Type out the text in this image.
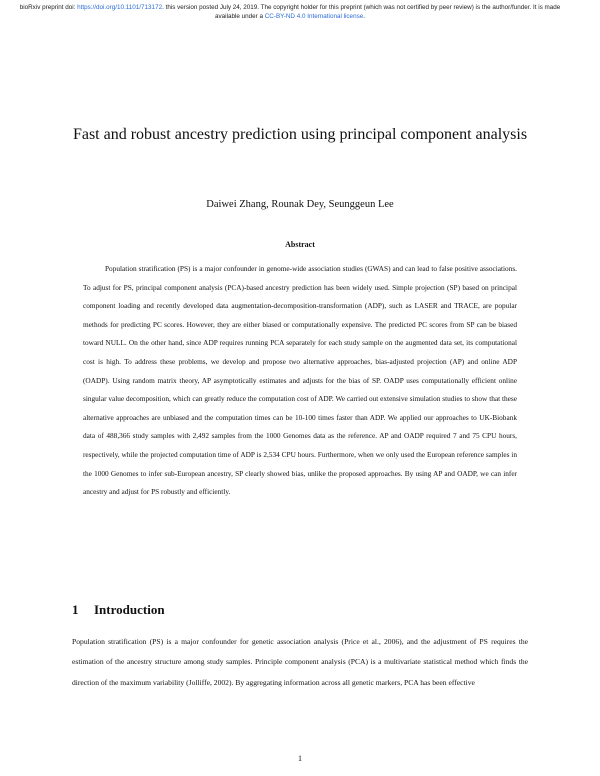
bioRxiv preprint doi: https://doi.org/10.1101/713172. this version posted July 24, 2019. The copyright holder for this preprint (which was not certified by peer review) is the author/funder. It is made available under a CC-BY-ND 4.0 International license.
Fast and robust ancestry prediction using principal component analysis
Daiwei Zhang, Rounak Dey, Seunggeun Lee
Abstract

Population stratification (PS) is a major confounder in genome-wide association studies (GWAS) and can lead to false positive associations. To adjust for PS, principal component analysis (PCA)-based ancestry prediction has been widely used. Simple projection (SP) based on principal component loading and recently developed data augmentation-decomposition-transformation (ADP), such as LASER and TRACE, are popular methods for predicting PC scores. However, they are either biased or computationally expensive. The predicted PC scores from SP can be biased toward NULL. On the other hand, since ADP requires running PCA separately for each study sample on the augmented data set, its computational cost is high. To address these problems, we develop and propose two alternative approaches, bias-adjusted projection (AP) and online ADP (OADP). Using random matrix theory, AP asymptotically estimates and adjusts for the bias of SP. OADP uses computationally efficient online singular value decomposition, which can greatly reduce the computation cost of ADP. We carried out extensive simulation studies to show that these alternative approaches are unbiased and the computation times can be 10-100 times faster than ADP. We applied our approaches to UK-Biobank data of 488,366 study samples with 2,492 samples from the 1000 Genomes data as the reference. AP and OADP required 7 and 75 CPU hours, respectively, while the projected computation time of ADP is 2,534 CPU hours. Furthermore, when we only used the European reference samples in the 1000 Genomes to infer sub-European ancestry, SP clearly showed bias, unlike the proposed approaches. By using AP and OADP, we can infer ancestry and adjust for PS robustly and efficiently.

1 Introduction

Population stratification (PS) is a major confounder for genetic association analysis (Price et al., 2006), and the adjustment of PS requires the estimation of the ancestry structure among study samples. Principle component analysis (PCA) is a multivariate statistical method which finds the direction of the maximum variability (Jolliffe, 2002). By aggregating information across all genetic markers, PCA has been effective

1
